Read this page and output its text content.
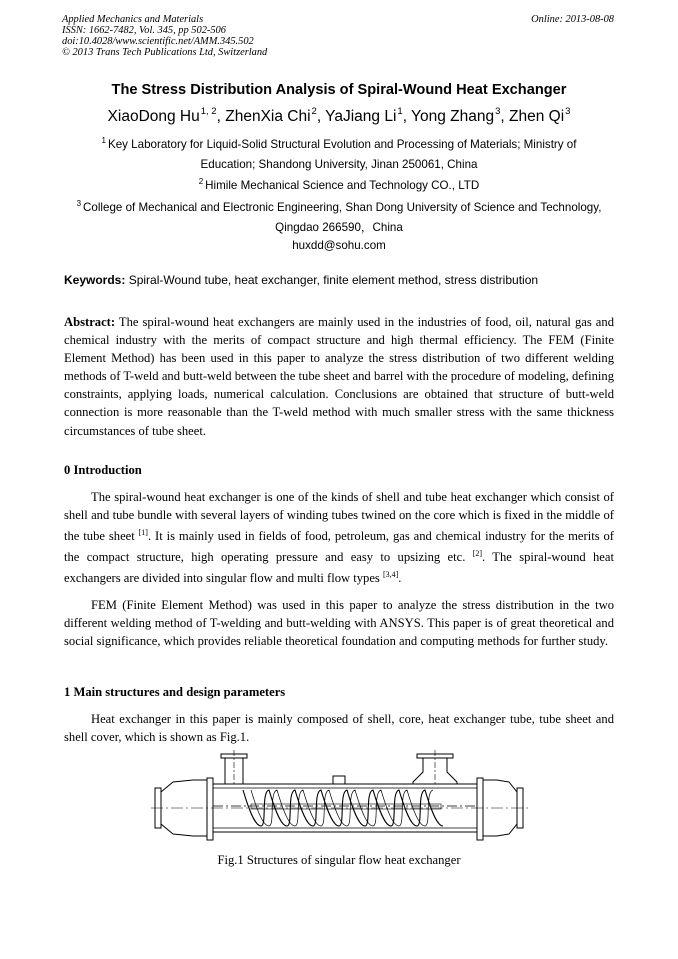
Applied Mechanics and Materials
ISSN: 1662-7482, Vol. 345, pp 502-506
doi:10.4028/www.scientific.net/AMM.345.502
© 2013 Trans Tech Publications Ltd, Switzerland
Online: 2013-08-08
The Stress Distribution Analysis of Spiral-Wound Heat Exchanger
XiaoDong Hu$^{1, 2}$, ZhenXia Chi$^2$, YaJiang Li$^1$, Yong Zhang$^3$, Zhen Qi$^3$
$^1$ Key Laboratory for Liquid-Solid Structural Evolution and Processing of Materials; Ministry of Education; Shandong University, Jinan 250061, China
$^2$ Himile Mechanical Science and Technology CO., LTD
$^3$ College of Mechanical and Electronic Engineering, Shan Dong University of Science and Technology, Qingdao 266590，China
huxdd@sohu.com
Keywords: Spiral-Wound tube, heat exchanger, finite element method, stress distribution
Abstract: The spiral-wound heat exchangers are mainly used in the industries of food, oil, natural gas and chemical industry with the merits of compact structure and high thermal efficiency. The FEM (Finite Element Method) has been used in this paper to analyze the stress distribution of two different welding methods of T-weld and butt-weld between the tube sheet and barrel with the procedure of modeling, defining constraints, applying loads, numerical calculation. Conclusions are obtained that structure of butt-weld connection is more reasonable than the T-weld method with much smaller stress with the same thickness circumstances of tube sheet.
0 Introduction
The spiral-wound heat exchanger is one of the kinds of shell and tube heat exchanger which consist of shell and tube bundle with several layers of winding tubes twined on the core which is fixed in the middle of the tube sheet [1]. It is mainly used in fields of food, petroleum, gas and chemical industry for the merits of the compact structure, high operating pressure and easy to upsizing etc. [2]. The spiral-wound heat exchangers are divided into singular flow and multi flow types [3,4].
FEM (Finite Element Method) was used in this paper to analyze the stress distribution in the two different welding method of T-welding and butt-welding with ANSYS. This paper is of great theoretical and social significance, which provides reliable theoretical foundation and computing methods for further study.
1 Main structures and design parameters
Heat exchanger in this paper is mainly composed of shell, core, heat exchanger tube, tube sheet and shell cover, which is shown as Fig.1.
Fig.1 Structures of singular flow heat exchanger
